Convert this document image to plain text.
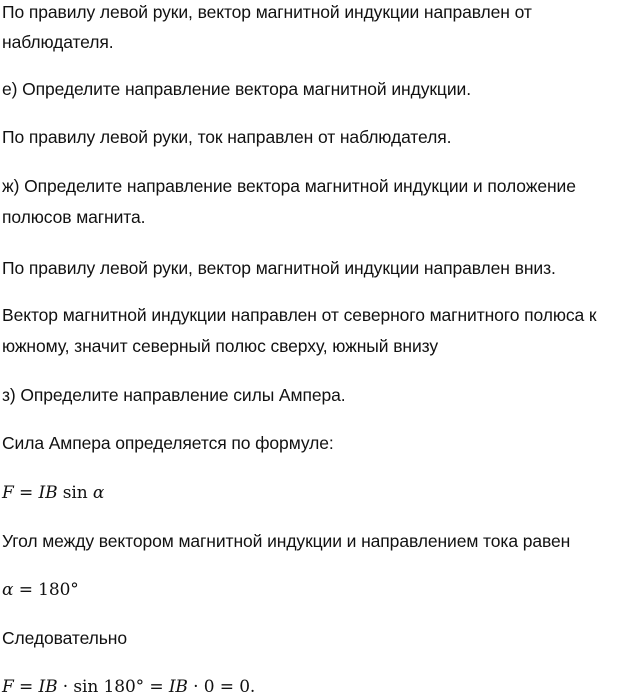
По правилу левой руки, вектор магнитной индукции направлен от
наблюдателя.
е) Определите направление вектора магнитной индукции.
По правилу левой руки, ток направлен от наблюдателя.
ж) Определите направление вектора магнитной индукции и положение
полюсов магнита.
По правилу левой руки, вектор магнитной индукции направлен вниз.
Вектор магнитной индукции направлен от северного магнитного полюса к
южному, значит северный полюс сверху, южный внизу
з) Определите направление силы Ампера.
Сила Ампера определяется по формуле:
F = IB sin α
Угол между вектором магнитной индукции и направлением тока равен
α = 180°
Следовательно
F = IB · sin 180° = IB · 0 = 0.
